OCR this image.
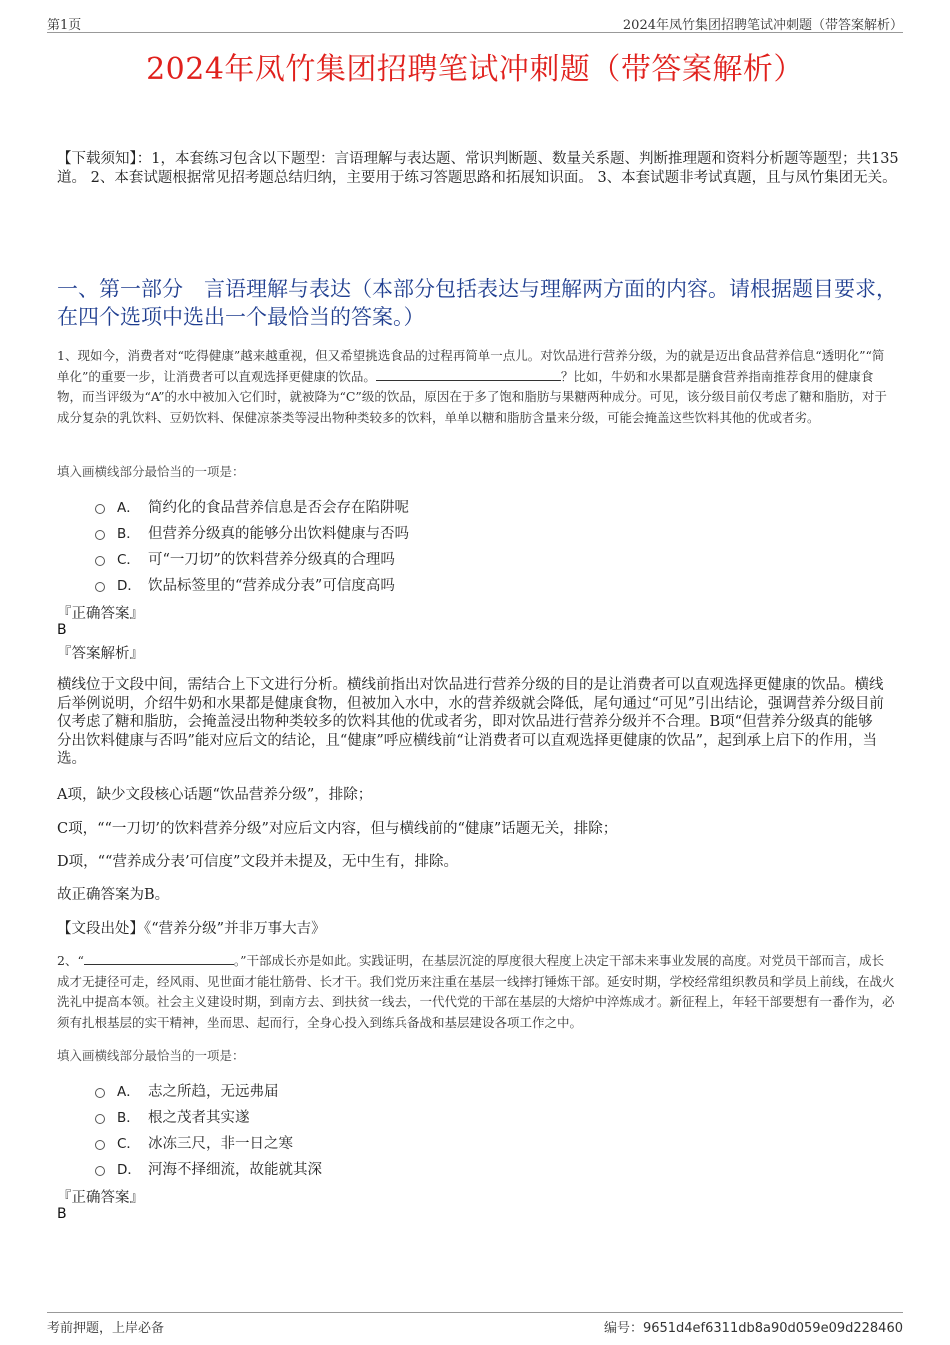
第1页	2024年凤竹集团招聘笔试冲刺题（带答案解析）
2024年凤竹集团招聘笔试冲刺题（带答案解析）
【下载须知】：1，本套练习包含以下题型：言语理解与表达题、常识判断题、数量关系题、判断推理题和资料分析题等题型；共135道。 2、本套试题根据常见招考题总结归纳，主要用于练习答题思路和拓展知识面。 3、本套试题非考试真题，且与凤竹集团无关。
一、第一部分　言语理解与表达（本部分包括表达与理解两方面的内容。请根据题目要求，在四个选项中选出一个最恰当的答案。）
1、现如今，消费者对“吃得健康”越来越重视，但又希望挑选食品的过程再简单一点儿。对饮品进行营养分级，为的就是迈出食品营养信息“透明化”“简单化”的重要一步，让消费者可以直观选择更健康的饮品。	？比如，牛奶和水果都是膳食营养指南推荐食用的健康食物，而当评级为“A”的水中被加入它们时，就被降为“C”级的饮品，原因在于多了饱和脂肪与果糖两种成分。可见，该分级目前仅考虑了糖和脂肪，对于成分复杂的乳饮料、豆奶饮料、保健凉茶类等浸出物种类较多的饮料，单单以糖和脂肪含量来分级，可能会掩盖这些饮料其他的优或者劣。
填入画横线部分最恰当的一项是：
A． 简约化的食品营养信息是否会存在陷阱呢
B． 但营养分级真的能够分出饮料健康与否吗
C． 可“一刀切”的饮料营养分级真的合理吗
D． 饮品标签里的“营养成分表”可信度高吗
『正确答案』
B
『答案解析』
横线位于文段中间，需结合上下文进行分析。横线前指出对饮品进行营养分级的目的是让消费者可以直观选择更健康的饮品。横线后举例说明，介绍牛奶和水果都是健康食物，但被加入水中，水的营养级就会降低，尾句通过“可见”引出结论，强调营养分级目前仅考虑了糖和脂肪，会掩盖浸出物种类较多的饮料其他的优或者劣，即对饮品进行营养分级并不合理。B项“但营养分级真的能够分出饮料健康与否吗”能对应后文的结论，且“健康”呼应横线前“让消费者可以直观选择更健康的饮品”，起到承上启下的作用，当选。
A项，缺少文段核心话题“饮品营养分级”，排除；
C项，““一刀切’的饮料营养分级”对应后文内容，但与横线前的“健康”话题无关，排除；
D项，““营养成分表’可信度”文段并未提及，无中生有，排除。
故正确答案为B。
【文段出处】《“营养分级”并非万事大吉》
2、“	。”干部成长亦是如此。实践证明，在基层沉淀的厚度很大程度上决定干部未来事业发展的高度。对党员干部而言，成长成才无捷径可走，经风雨、见世面才能壮筋骨、长才干。我们党历来注重在基层一线摔打锤炼干部。延安时期，学校经常组织教员和学员上前线，在战火洗礼中提高本领。社会主义建设时期，到南方去、到扶贫一线去，一代代党的干部在基层的大熔炉中淬炼成才。新征程上，年轻干部要想有一番作为，必须有扎根基层的实干精神，坐而思、起而行，全身心投入到练兵备战和基层建设各项工作之中。
填入画横线部分最恰当的一项是：
A． 志之所趋，无远弗届
B． 根之茂者其实遂
C． 冰冻三尺，非一日之寒
D． 河海不择细流，故能就其深
『正确答案』
B
考前押题，上岸必备	编号：9651d4ef6311db8a90d059e09d228460
